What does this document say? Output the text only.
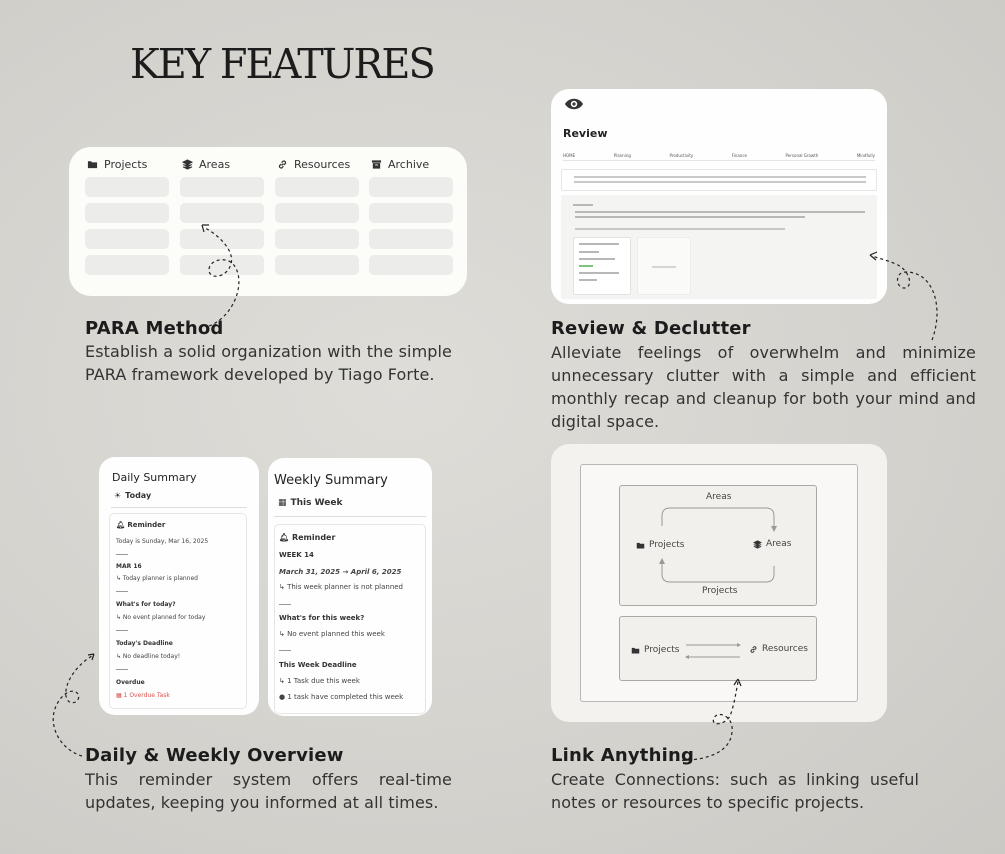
KEY FEATURES
Projects	Areas	Resources	Archive
PARA Method
Establish a solid organization with the simple PARA framework developed by Tiago Forte.
Review
HOME	Planning	Productivity	Finance	Personal Growth	Mindfully
Review & Declutter
Alleviate feelings of overwhelm and minimize unnecessary clutter with a simple and efficient monthly recap and cleanup for both your mind and digital space.
Daily Summary
☀ Today
🔔︎ Reminder
Today is Sunday, Mar 16, 2025
MAR 16
↳ Today planner is planned
What's for today?
↳ No event planned for today
Today's Deadline
↳ No deadline today!
Overdue
▦ 1 Overdue Task
Weekly Summary
▦ This Week
🔔︎ Reminder
WEEK 14
March 31, 2025 → April 6, 2025
↳ This week planner is not planned
What's for this week?
↳ No event planned this week
This Week Deadline
↳ 1 Task due this week
● 1 task have completed this week
Daily & Weekly Overview
This reminder system offers real-time updates, keeping you informed at all times.
Areas
Projects	Areas
Projects
Projects	Resources
Link Anything
Create Connections: such as linking useful notes or resources to specific projects.
